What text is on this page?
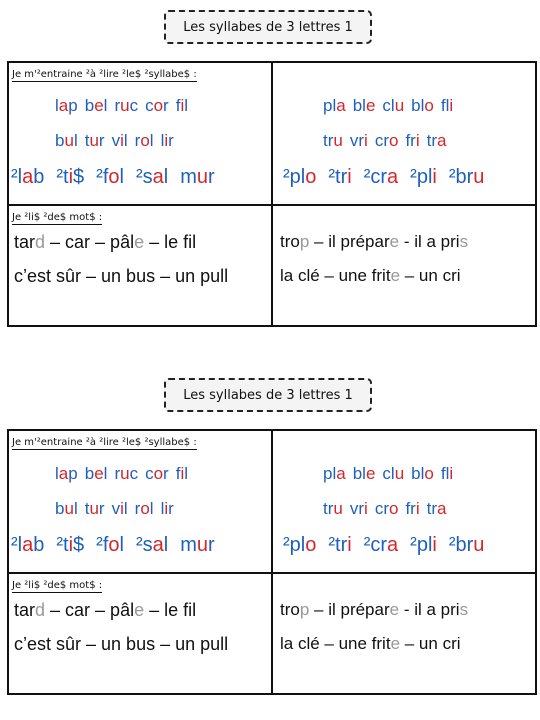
Les syllabes de 3 lettres 1
Je m'²entraine ²à ²lire ²le$ ²syllabe$ :
lap bel ruc cor fil
bul tur vil rol lir
²lab ²ti$ ²fol ²sal mur
pla ble clu blo fli
tru vri cro fri tra
²plo ²tri ²cra ²pli ²bru
Je ²li$ ²de$ mot$ :
tard – car – pâle – le fil
c’est sûr – un bus – un pull
trop – il prépare - il a pris
la clé – une frite – un cri
Les syllabes de 3 lettres 1
Je m'²entraine ²à ²lire ²le$ ²syllabe$ :
lap bel ruc cor fil
bul tur vil rol lir
²lab ²ti$ ²fol ²sal mur
pla ble clu blo fli
tru vri cro fri tra
²plo ²tri ²cra ²pli ²bru
Je ²li$ ²de$ mot$ :
tard – car – pâle – le fil
c’est sûr – un bus – un pull
trop – il prépare - il a pris
la clé – une frite – un cri
